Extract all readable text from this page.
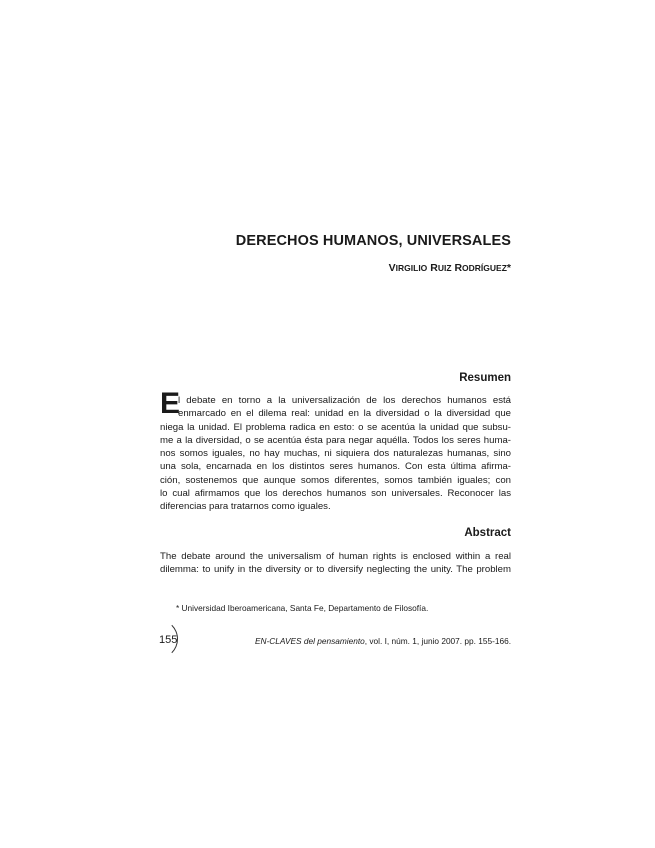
DERECHOS HUMANOS, UNIVERSALES
VIRGILIO RUIZ RODRÍGUEZ*
Resumen
E
l debate en torno a la universalización de los derechos humanos está
enmarcado en el dilema real: unidad en la diversidad o la diversidad que
niega la unidad. El problema radica en esto: o se acentúa la unidad que subsu-
me a la diversidad, o se acentúa ésta para negar aquélla. Todos los seres huma-
nos somos iguales, no hay muchas, ni siquiera dos naturalezas humanas, sino
una sola, encarnada en los distintos seres humanos. Con esta última afirma-
ción, sostenemos que aunque somos diferentes, somos también iguales; con
lo cual afirmamos que los derechos humanos son universales. Reconocer las
diferencias para tratarnos como iguales.
Abstract
The debate around the universalism of human rights is enclosed within a real
dilemma: to unify in the diversity or to diversify neglecting the unity. The problem
* Universidad Iberoamericana, Santa Fe, Departamento de Filosofía.
155	EN-CLAVES del pensamiento, vol. I, núm. 1, junio 2007. pp. 155-166.
